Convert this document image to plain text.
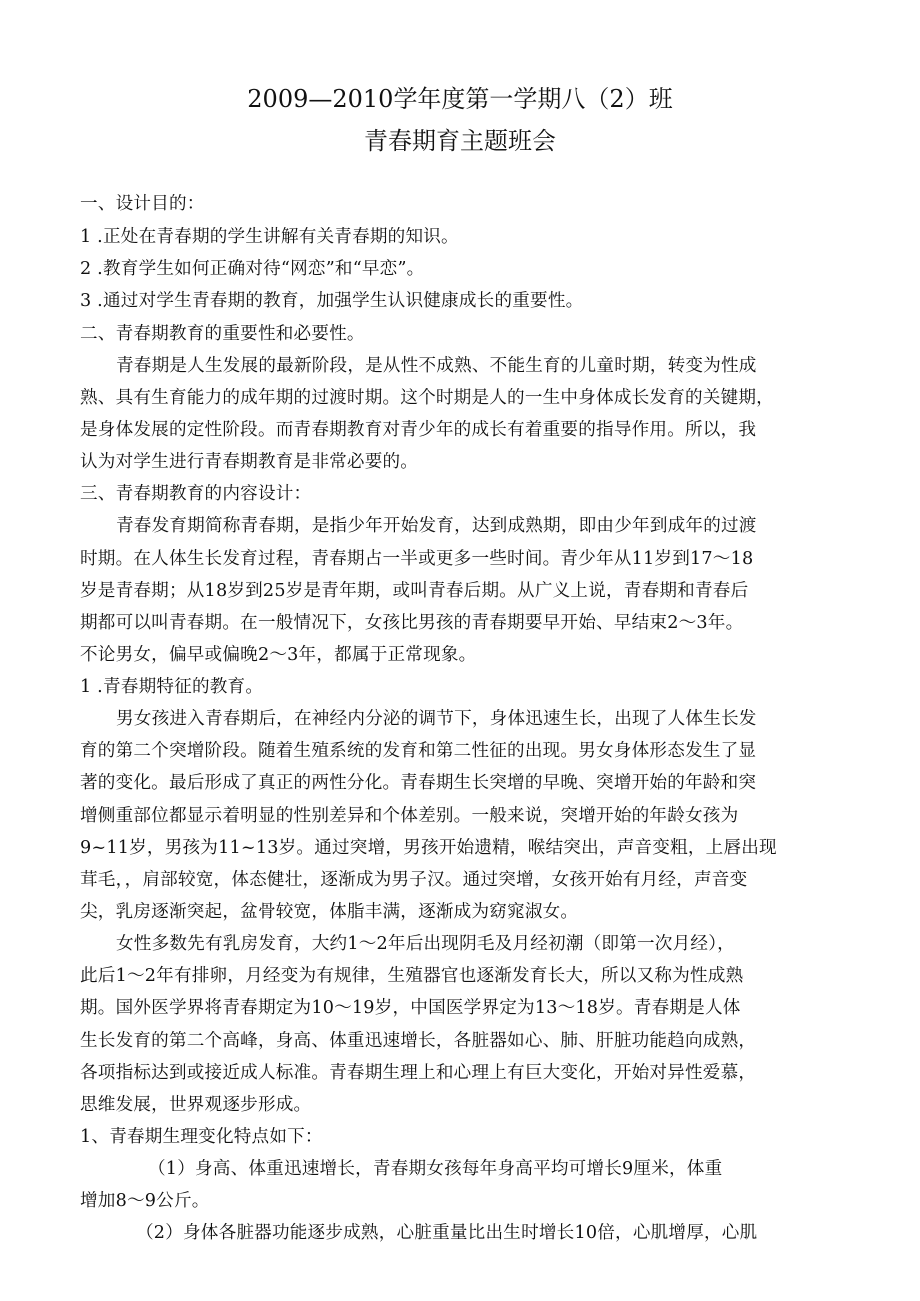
2009—2010学年度第一学期八（2）班
青春期育主题班会
一、设计目的：
1 .正处在青春期的学生讲解有关青春期的知识。
2 .教育学生如何正确对待“网恋”和“早恋”。
3 .通过对学生青春期的教育，加强学生认识健康成长的重要性。
二、青春期教育的重要性和必要性。
青春期是人生发展的最新阶段，是从性不成熟、不能生育的儿童时期，转变为性成
熟、具有生育能力的成年期的过渡时期。这个时期是人的一生中身体成长发育的关键期，
是身体发展的定性阶段。而青春期教育对青少年的成长有着重要的指导作用。所以，我
认为对学生进行青春期教育是非常必要的。
三、青春期教育的内容设计：
青春发育期简称青春期，是指少年开始发育，达到成熟期，即由少年到成年的过渡
时期。在人体生长发育过程，青春期占一半或更多一些时间。青少年从11岁到17～18
岁是青春期；从18岁到25岁是青年期，或叫青春后期。从广义上说，青春期和青春后
期都可以叫青春期。在一般情况下，女孩比男孩的青春期要早开始、早结束2～3年。
不论男女，偏早或偏晚2～3年，都属于正常现象。
1 .青春期特征的教育。
男女孩进入青春期后，在神经内分泌的调节下，身体迅速生长，出现了人体生长发
育的第二个突增阶段。随着生殖系统的发育和第二性征的出现。男女身体形态发生了显
著的变化。最后形成了真正的两性分化。青春期生长突增的早晚、突增开始的年龄和突
增侧重部位都显示着明显的性别差异和个体差别。一般来说，突增开始的年龄女孩为
9~11岁，男孩为11~13岁。通过突增，男孩开始遗精，喉结突出，声音变粗，上唇出现
茸毛，，肩部较宽，体态健壮，逐渐成为男子汉。通过突增，女孩开始有月经，声音变
尖，乳房逐渐突起，盆骨较宽，体脂丰满，逐渐成为窈窕淑女。
女性多数先有乳房发育，大约1～2年后出现阴毛及月经初潮（即第一次月经），
此后1～2年有排卵，月经变为有规律，生殖器官也逐渐发育长大，所以又称为性成熟
期。国外医学界将青春期定为10～19岁，中国医学界定为13～18岁。青春期是人体
生长发育的第二个高峰，身高、体重迅速增长，各脏器如心、肺、肝脏功能趋向成熟，
各项指标达到或接近成人标准。青春期生理上和心理上有巨大变化，开始对异性爱慕，
思维发展，世界观逐步形成。
1、青春期生理变化特点如下：
（1）身高、体重迅速增长，青春期女孩每年身高平均可增长9厘米，体重
增加8～9公斤。
（2）身体各脏器功能逐步成熟，心脏重量比出生时增长10倍，心肌增厚，心肌
